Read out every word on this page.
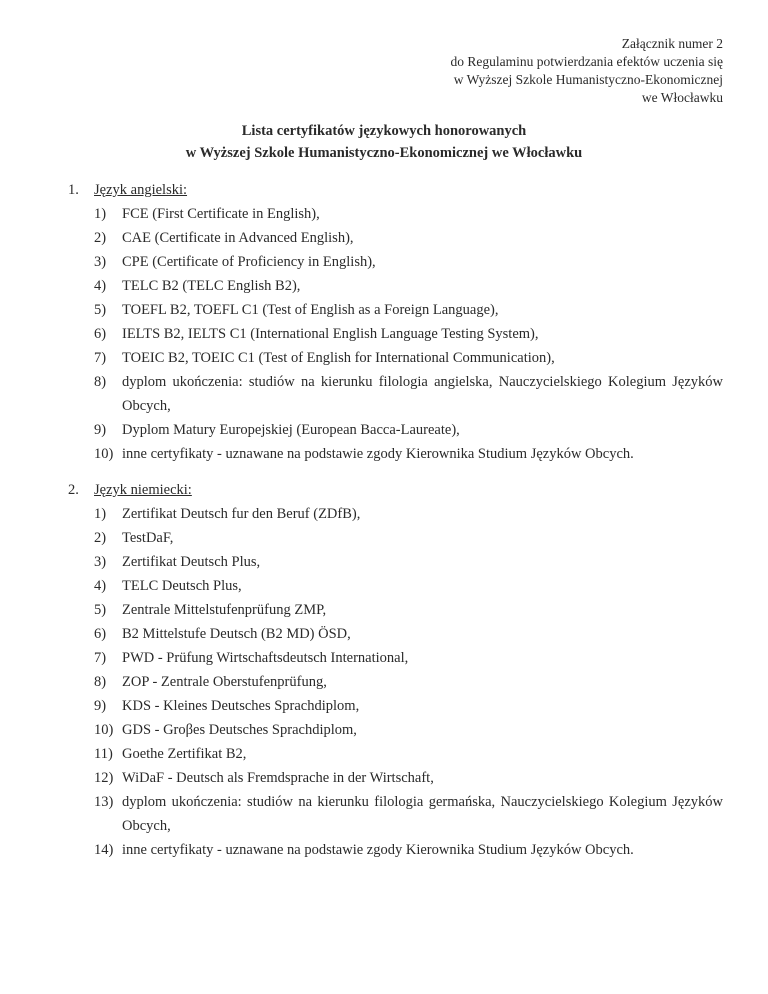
Załącznik numer 2
do Regulaminu potwierdzania efektów uczenia się
w Wyższej Szkole Humanistyczno-Ekonomicznej
we Włocławku
Lista certyfikatów językowych honorowanych
w Wyższej Szkole Humanistyczno-Ekonomicznej we Włocławku
1. Język angielski:
1)	FCE (First Certificate in English),
2)	CAE (Certificate in Advanced English),
3)	CPE (Certificate of Proficiency in English),
4)	TELC B2 (TELC English B2),
5)	TOEFL B2, TOEFL C1 (Test of English as a Foreign Language),
6)	IELTS B2, IELTS C1 (International English Language Testing System),
7)	TOEIC B2, TOEIC C1 (Test of English for International Communication),
8)	dyplom ukończenia: studiów na kierunku filologia angielska, Nauczycielskiego Kolegium Języków
Obcych,
9)	Dyplom Matury Europejskiej (European Bacca-Laureate),
10) inne certyfikaty - uznawane na podstawie zgody Kierownika Studium Języków Obcych.
2. Język niemiecki:
1)	Zertifikat Deutsch fur den Beruf (ZDfB),
2)	TestDaF,
3)	Zertifikat Deutsch Plus,
4)	TELC Deutsch Plus,
5)	Zentrale Mittelstufenprüfung ZMP,
6)	B2 Mittelstufe Deutsch (B2 MD) ÖSD,
7)	PWD - Prüfung Wirtschaftsdeutsch International,
8)	ZOP - Zentrale Oberstufenprüfung,
9)	KDS - Kleines Deutsches Sprachdiplom,
10) GDS - Groβes Deutsches Sprachdiplom,
11) Goethe Zertifikat B2,
12) WiDaF - Deutsch als Fremdsprache in der Wirtschaft,
13) dyplom ukończenia: studiów na kierunku filologia germańska, Nauczycielskiego Kolegium Języków
Obcych,
14) inne certyfikaty - uznawane na podstawie zgody Kierownika Studium Języków Obcych.
